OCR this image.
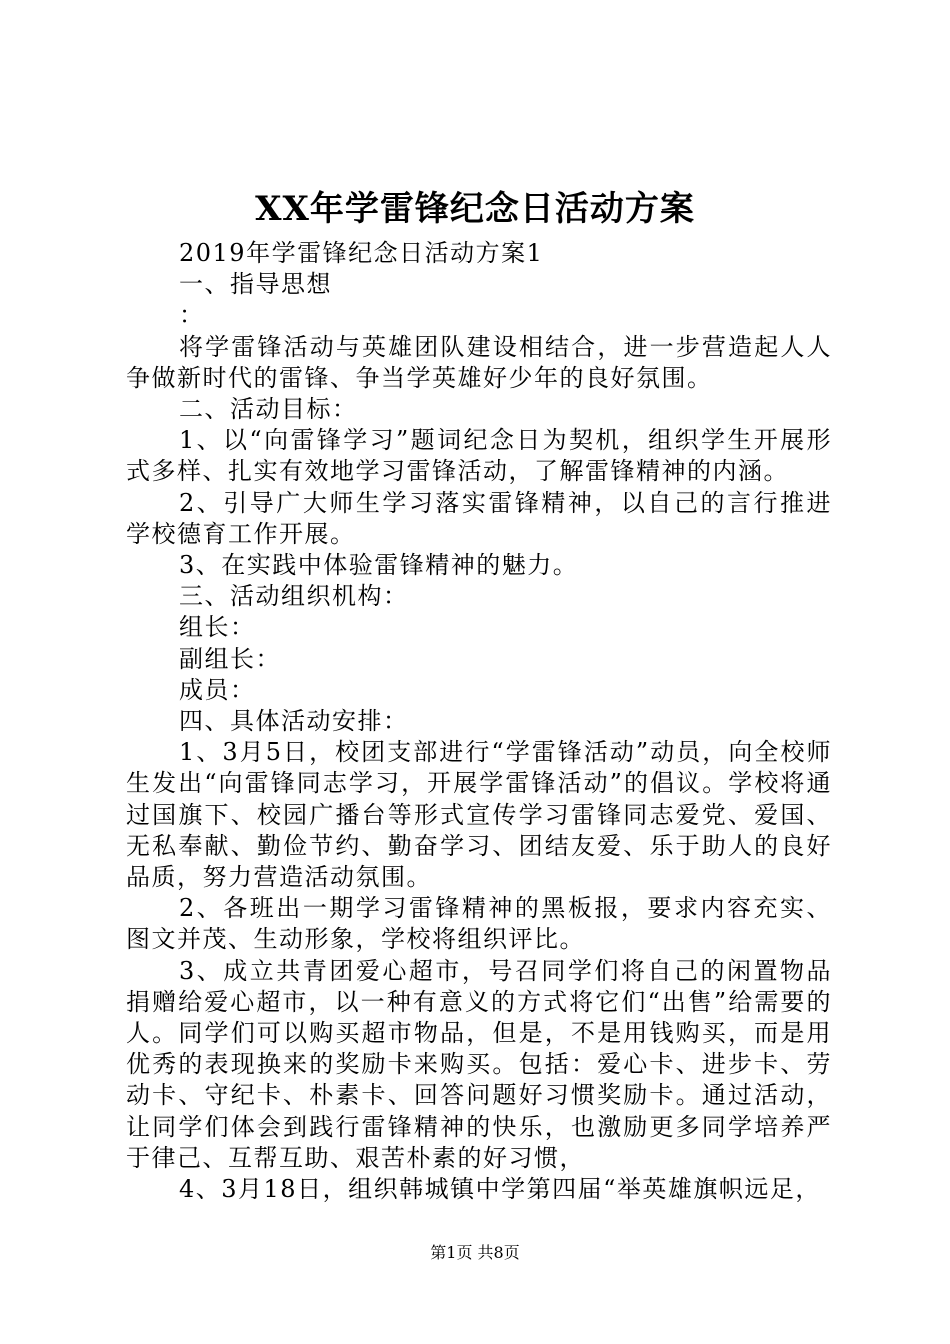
XX年学雷锋纪念日活动方案

2019年学雷锋纪念日活动方案1

一、指导思想

：

将学雷锋活动与英雄团队建设相结合，进一步营造起人人争做新时代的雷锋、争当学英雄好少年的良好氛围。

二、活动目标：

1、以“向雷锋学习”题词纪念日为契机，组织学生开展形式多样、扎实有效地学习雷锋活动，了解雷锋精神的内涵。

2、引导广大师生学习落实雷锋精神，以自己的言行推进学校德育工作开展。

3、在实践中体验雷锋精神的魅力。

三、活动组织机构：

组长：

副组长：

成员：

四、具体活动安排：

1、3月5日，校团支部进行“学雷锋活动”动员，向全校师生发出“向雷锋同志学习，开展学雷锋活动”的倡议。学校将通过国旗下、校园广播台等形式宣传学习雷锋同志爱党、爱国、无私奉献、勤俭节约、勤奋学习、团结友爱、乐于助人的良好品质，努力营造活动氛围。

2、各班出一期学习雷锋精神的黑板报，要求内容充实、图文并茂、生动形象，学校将组织评比。

3、成立共青团爱心超市，号召同学们将自己的闲置物品捐赠给爱心超市，以一种有意义的方式将它们“出售”给需要的人。同学们可以购买超市物品，但是，不是用钱购买，而是用优秀的表现换来的奖励卡来购买。包括：爱心卡、进步卡、劳动卡、守纪卡、朴素卡、回答问题好习惯奖励卡。通过活动，让同学们体会到践行雷锋精神的快乐，也激励更多同学培养严于律己、互帮互助、艰苦朴素的好习惯，

4、3月18日，组织韩城镇中学第四届“举英雄旗帜远足，

第1页 共8页
